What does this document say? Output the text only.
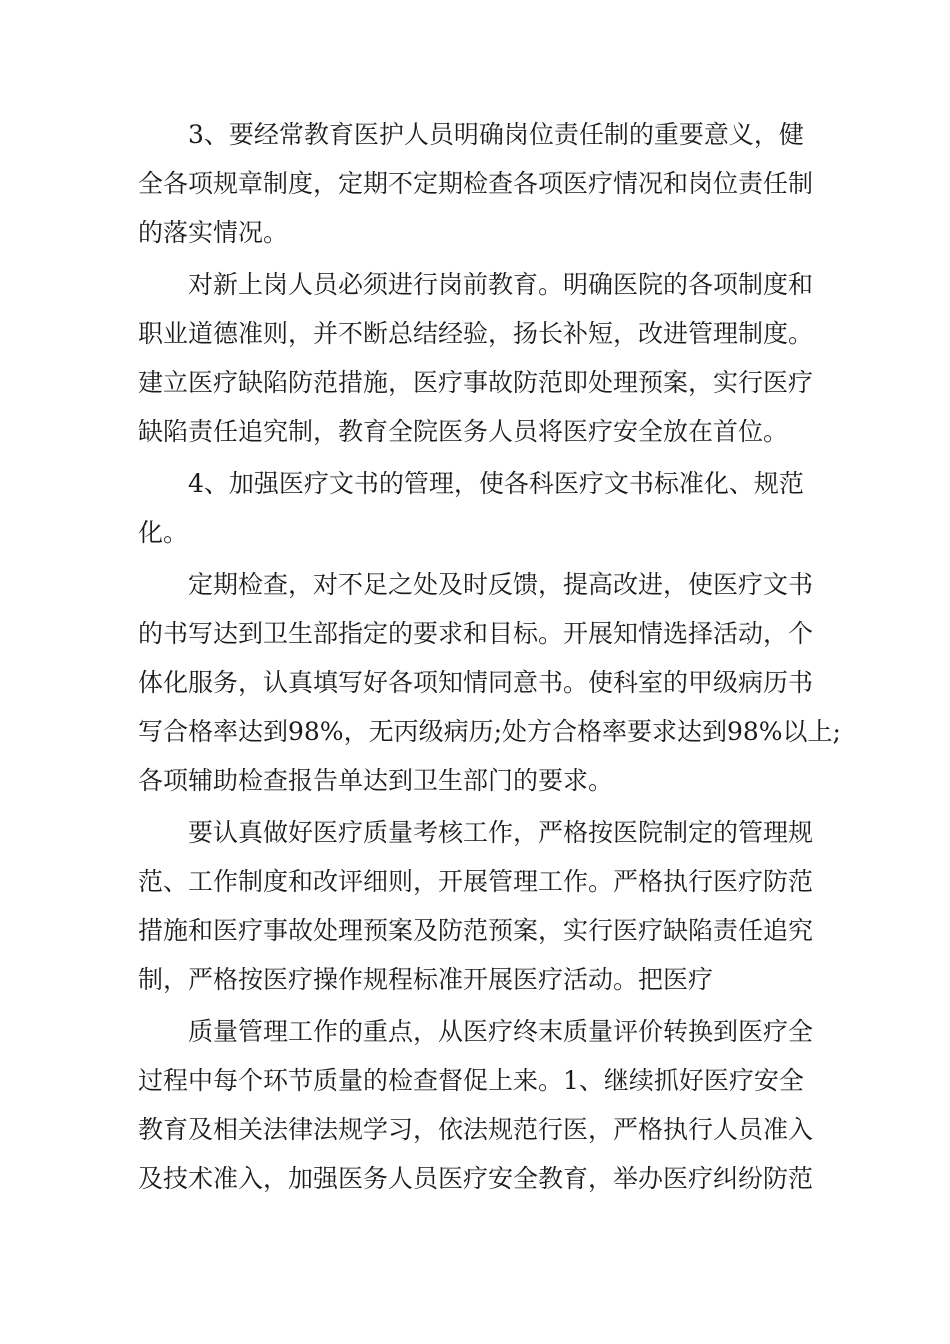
3、要经常教育医护人员明确岗位责任制的重要意义，健
全各项规章制度，定期不定期检查各项医疗情况和岗位责任制
的落实情况。
对新上岗人员必须进行岗前教育。明确医院的各项制度和
职业道德准则，并不断总结经验，扬长补短，改进管理制度。
建立医疗缺陷防范措施，医疗事故防范即处理预案，实行医疗
缺陷责任追究制，教育全院医务人员将医疗安全放在首位。
4、加强医疗文书的管理，使各科医疗文书标准化、规范
化。
定期检查，对不足之处及时反馈，提高改进，使医疗文书
的书写达到卫生部指定的要求和目标。开展知情选择活动，个
体化服务，认真填写好各项知情同意书。使科室的甲级病历书
写合格率达到98%，无丙级病历;处方合格率要求达到98%以上;
各项辅助检查报告单达到卫生部门的要求。
要认真做好医疗质量考核工作，严格按医院制定的管理规
范、工作制度和改评细则，开展管理工作。严格执行医疗防范
措施和医疗事故处理预案及防范预案，实行医疗缺陷责任追究
制，严格按医疗操作规程标准开展医疗活动。把医疗
质量管理工作的重点，从医疗终末质量评价转换到医疗全
过程中每个环节质量的检查督促上来。1、继续抓好医疗安全
教育及相关法律法规学习，依法规范行医，严格执行人员准入
及技术准入，加强医务人员医疗安全教育，举办医疗纠纷防范
